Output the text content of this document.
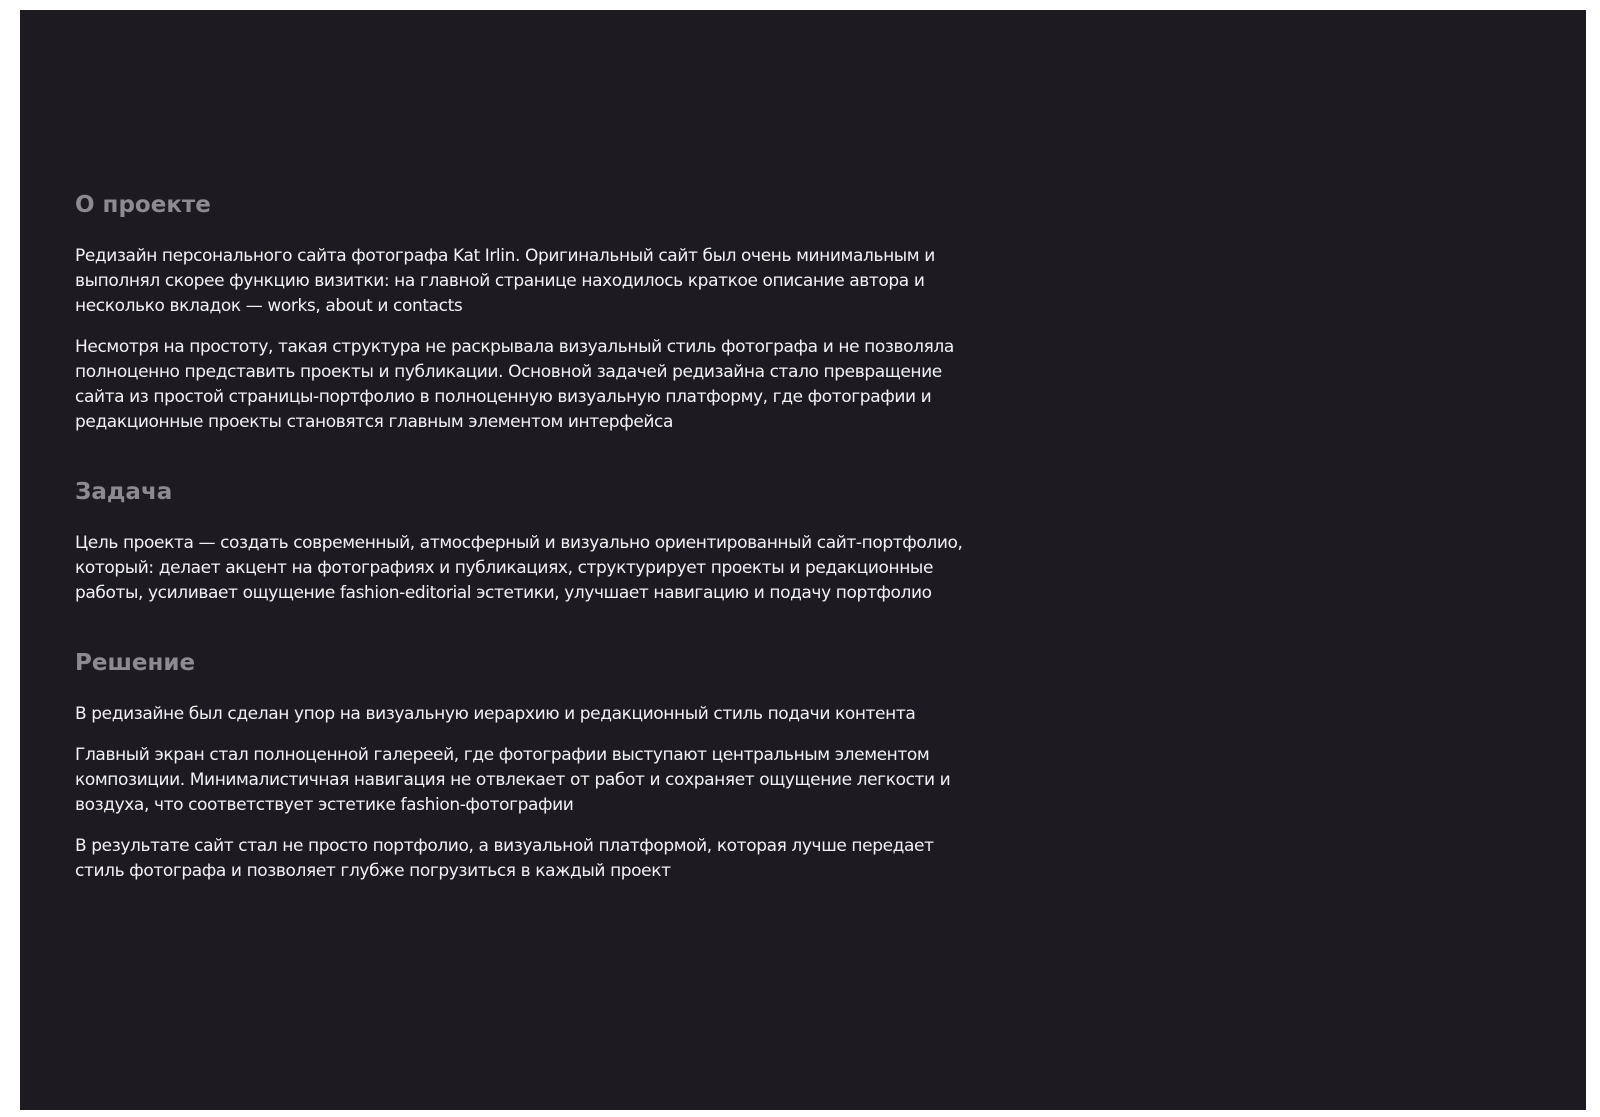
О проекте

Редизайн персонального сайта фотографа Kat Irlin. Оригинальный сайт был очень минимальным и выполнял скорее функцию визитки: на главной странице находилось краткое описание автора и несколько вкладок — works, about и contacts

Несмотря на простоту, такая структура не раскрывала визуальный стиль фотографа и не позволяла полноценно представить проекты и публикации. Основной задачей редизайна стало превращение сайта из простой страницы-портфолио в полноценную визуальную платформу, где фотографии и редакционные проекты становятся главным элементом интерфейса

Задача

Цель проекта — создать современный, атмосферный и визуально ориентированный сайт-портфолио, который: делает акцент на фотографиях и публикациях, структурирует проекты и редакционные работы, усиливает ощущение fashion-editorial эстетики, улучшает навигацию и подачу портфолио

Решение

В редизайне был сделан упор на визуальную иерархию и редакционный стиль подачи контента

Главный экран стал полноценной галереей, где фотографии выступают центральным элементом композиции. Минималистичная навигация не отвлекает от работ и сохраняет ощущение легкости и воздуха, что соответствует эстетике fashion-фотографии

В результате сайт стал не просто портфолио, а визуальной платформой, которая лучше передает стиль фотографа и позволяет глубже погрузиться в каждый проект
